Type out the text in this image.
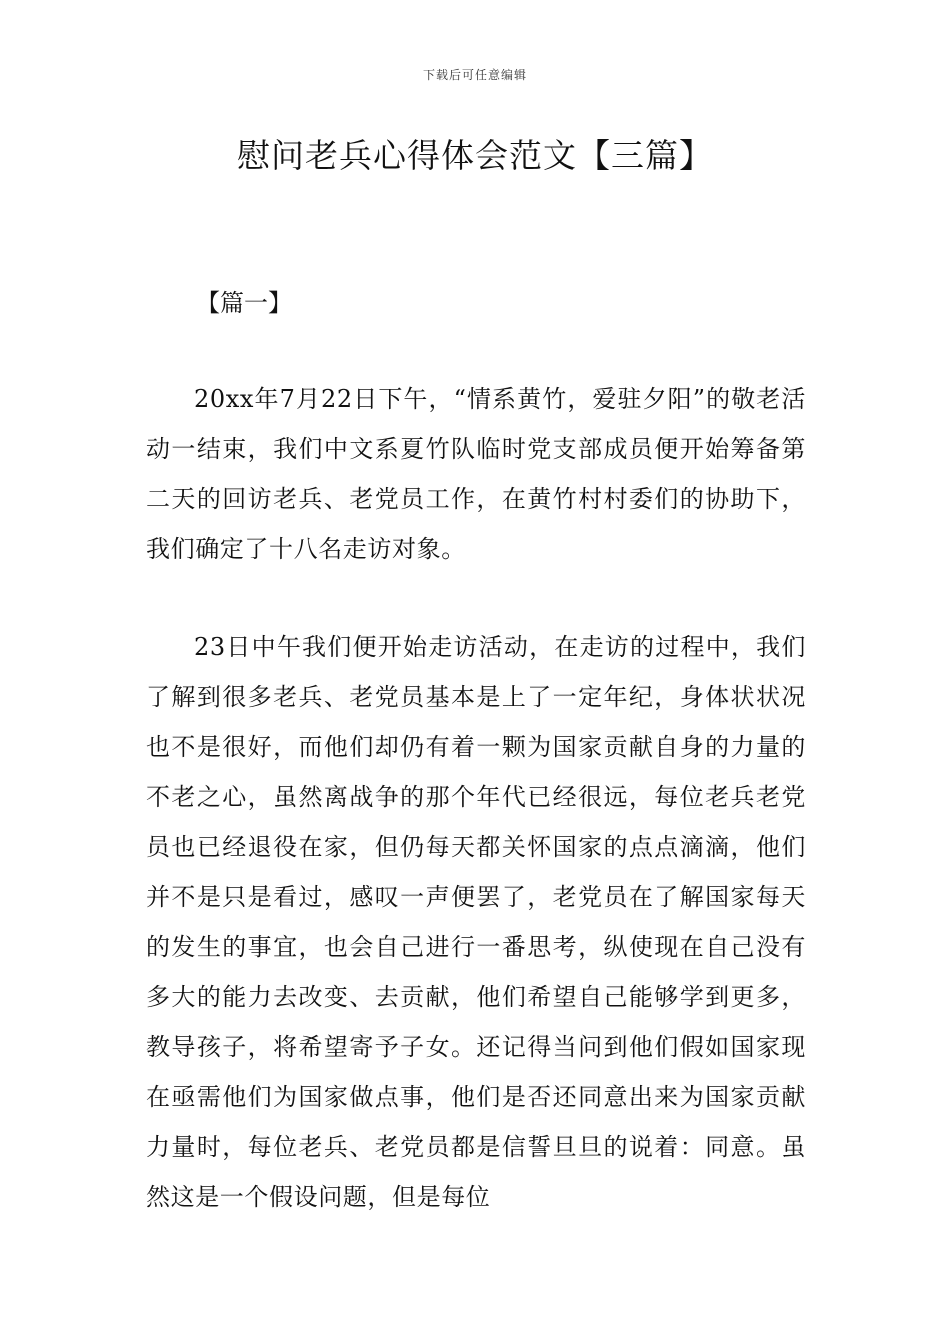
下载后可任意编辑
慰问老兵心得体会范文【三篇】
【篇一】

20xx年7月22日下午，“情系黄竹，爱驻夕阳”的敬老活动一结束，我们中文系夏竹队临时党支部成员便开始筹备第二天的回访老兵、老党员工作，在黄竹村村委们的协助下，我们确定了十八名走访对象。

23日中午我们便开始走访活动，在走访的过程中，我们了解到很多老兵、老党员基本是上了一定年纪，身体状状况也不是很好，而他们却仍有着一颗为国家贡献自身的力量的不老之心，虽然离战争的那个年代已经很远，每位老兵老党员也已经退役在家，但仍每天都关怀国家的点点滴滴，他们并不是只是看过，感叹一声便罢了，老党员在了解国家每天的发生的事宜，也会自己进行一番思考，纵使现在自己没有多大的能力去改变、去贡献，他们希望自己能够学到更多，教导孩子，将希望寄予子女。还记得当问到他们假如国家现在亟需他们为国家做点事，他们是否还同意出来为国家贡献力量时，每位老兵、老党员都是信誓旦旦的说着：同意。虽然这是一个假设问题，但是每位
